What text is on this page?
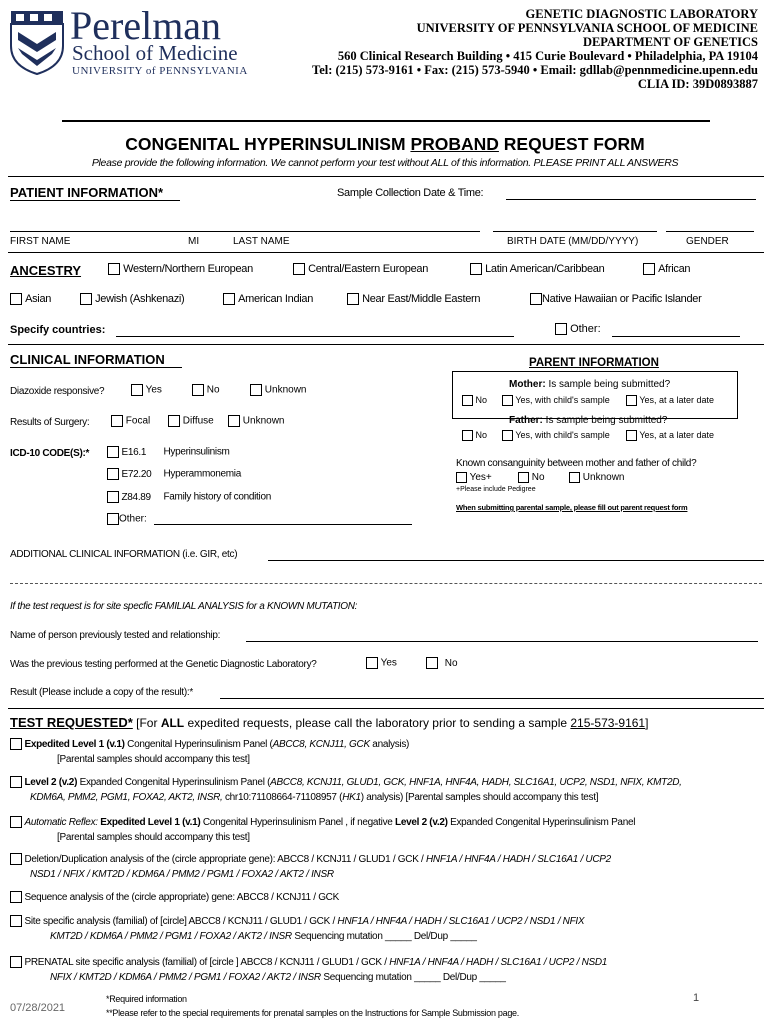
Perelman
School of Medicine
UNIVERSITY of PENNSYLVANIA
GENETIC DIAGNOSTIC LABORATORY
UNIVERSITY OF PENNSYLVANIA SCHOOL OF MEDICINE
DEPARTMENT OF GENETICS
560 Clinical Research Building • 415 Curie Boulevard • Philadelphia, PA 19104
Tel: (215) 573-9161 • Fax: (215) 573-5940 • Email: gdllab@pennmedicine.upenn.edu
CLIA ID: 39D0893887
CONGENITAL HYPERINSULINISM PROBAND REQUEST FORM
Please provide the following information. We cannot perform your test without ALL of this information. PLEASE PRINT ALL ANSWERS
PATIENT INFORMATION*	Sample Collection Date & Time:
FIRST NAME	MI	LAST NAME	BIRTH DATE (MM/DD/YYYY)	GENDER
ANCESTRY	Western/Northern European	Central/Eastern European	Latin American/Caribbean	African
Asian	Jewish (Ashkenazi)	American Indian	Near East/Middle Eastern	Native Hawaiian or Pacific Islander
Specify countries:	Other:
CLINICAL INFORMATION
Diazoxide responsive?	Yes	No	Unknown
Results of Surgery:	Focal	Diffuse	Unknown
ICD-10 CODE(S):*	E16.1 Hyperinsulinism
E72.20 Hyperammonemia
Z84.89 Family history of condition
Other:
PARENT INFORMATION
Mother: Is sample being submitted?
No	Yes, with child's sample	Yes, at a later date
Father: Is sample being submitted?
No	Yes, with child's sample	Yes, at a later date
Known consanguinity between mother and father of child?
Yes+	No	Unknown
+Please include Pedigree
When submitting parental sample, please fill out parent request form
ADDITIONAL CLINICAL INFORMATION (i.e. GIR, etc)
If the test request is for site specfic FAMILIAL ANALYSIS for a KNOWN MUTATION:
Name of person previously tested and relationship:
Was the previous testing performed at the Genetic Diagnostic Laboratory?	Yes	No
Result (Please include a copy of the result):*
TEST REQUESTED* [For ALL expedited requests, please call the laboratory prior to sending a sample 215-573-9161]
Expedited Level 1 (v.1) Congenital Hyperinsulinism Panel (ABCC8, KCNJ11, GCK analysis)
[Parental samples should accompany this test]
Level 2 (v.2) Expanded Congenital Hyperinsulinism Panel (ABCC8, KCNJ11, GLUD1, GCK, HNF1A, HNF4A, HADH, SLC16A1, UCP2, NSD1, NFIX, KMT2D,
KDM6A, PMM2, PGM1, FOXA2, AKT2, INSR, chr10:71108664-71108957 (HK1) analysis) [Parental samples should accompany this test]
Automatic Reflex: Expedited Level 1 (v.1) Congenital Hyperinsulinism Panel , if negative Level 2 (v.2) Expanded Congenital Hyperinsulinism Panel
[Parental samples should accompany this test]
Deletion/Duplication analysis of the (circle appropriate gene): ABCC8 / KCNJ11 / GLUD1 / GCK / HNF1A / HNF4A / HADH / SLC16A1 / UCP2
NSD1 / NFIX / KMT2D / KDM6A / PMM2 / PGM1 / FOXA2 / AKT2 / INSR
Sequence analysis of the (circle appropriate) gene: ABCC8 / KCNJ11 / GCK
Site specific analysis (familial) of [circle] ABCC8 / KCNJ11 / GLUD1 / GCK / HNF1A / HNF4A / HADH / SLC16A1 / UCP2 / NSD1 / NFIX
KMT2D / KDM6A / PMM2 / PGM1 / FOXA2 / AKT2 / INSR Sequencing mutation _____ Del/Dup _____
PRENATAL site specific analysis (familial) of [circle ] ABCC8 / KCNJ11 / GLUD1 / GCK / HNF1A / HNF4A / HADH / SLC16A1 / UCP2 / NSD1
NFIX / KMT2D / KDM6A / PMM2 / PGM1 / FOXA2 / AKT2 / INSR Sequencing mutation _____ Del/Dup _____
07/28/2021
*Required information
**Please refer to the special requirements for prenatal samples on the Instructions for Sample Submission page.
1
